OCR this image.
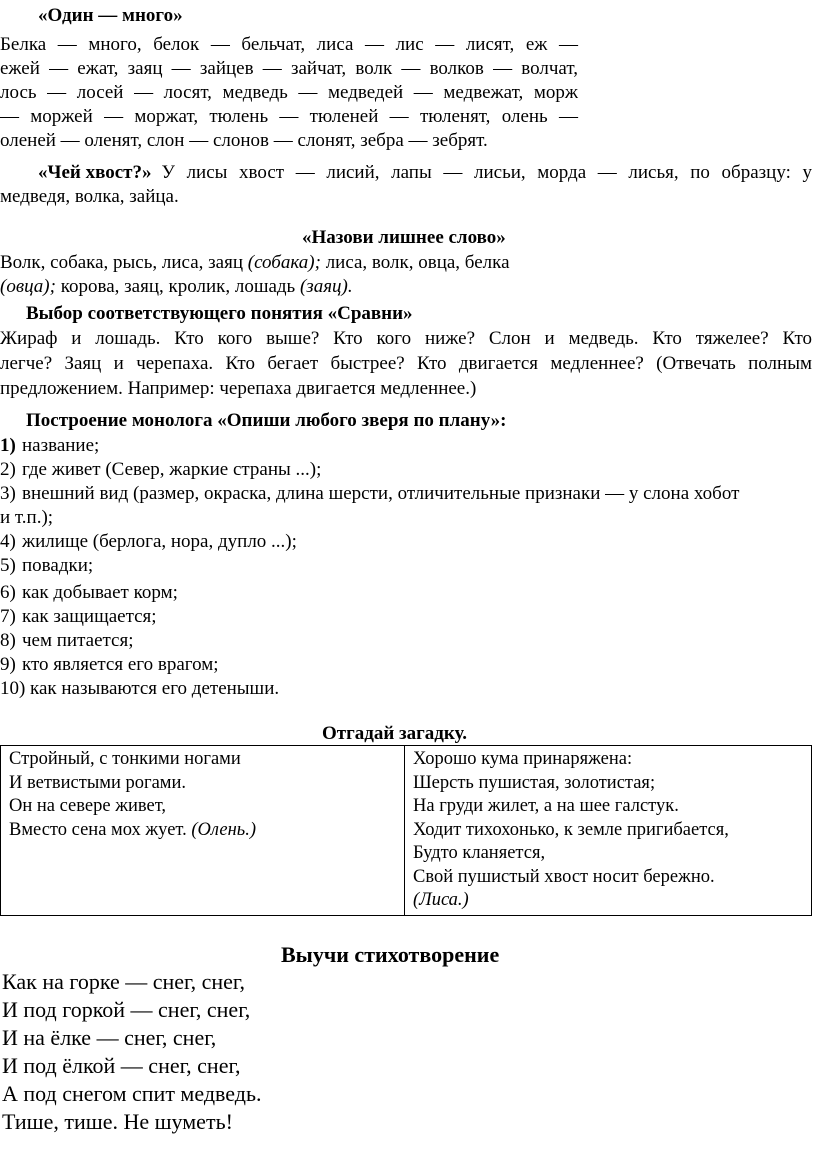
«Один — много»
Белка — много, белок — бельчат, лиса — лис — лисят, еж —
ежей — ежат, заяц — зайцев — зайчат, волк — волков — волчат,
лось — лосей — лосят, медведь — медведей — медвежат, морж
— моржей — моржат, тюлень — тюленей — тюленят, олень —
оленей — оленят, слон — слонов — слонят, зебра — зебрят.
«Чей хвост?» У лисы хвост — лисий, лапы — лисьи, морда — лисья, по образцу: у
медведя, волка, зайца.
«Назови лишнее слово»
Волк, собака, рысь, лиса, заяц (собака); лиса, волк, овца, белка
(овца); корова, заяц, кролик, лошадь (заяц).
Выбор соответствующего понятия «Сравни»
Жираф и лошадь. Кто кого выше? Кто кого ниже? Слон и медведь. Кто тяжелее? Кто
легче? Заяц и черепаха. Кто бегает быстрее? Кто двигается медленнее? (Отвечать полным
предложением. Например: черепаха двигается медленнее.)
Построение монолога «Опиши любого зверя по плану»:
1) название;
2) где живет (Север, жаркие страны ...);
3) внешний вид (размер, окраска, длина шерсти, отличительные признаки — у слона хобот
и т.п.);
4) жилище (берлога, нора, дупло ...);
5) повадки;
6) как добывает корм;
7) как защищается;
8) чем питается;
9) кто является его врагом;
10) как называются его детеныши.
Отгадай загадку.
Стройный, с тонкими ногами
И ветвистыми рогами.
Он на севере живет,
Вместо сена мох жует. (Олень.)

Хорошо кума принаряжена:
Шерсть пушистая, золотистая;
На груди жилет, а на шее галстук.
Ходит тихохонько, к земле пригибается,
Будто кланяется,
Свой пушистый хвост носит бережно.
(Лиса.)
Выучи стихотворение
Как на горке — снег, снег,
И под горкой — снег, снег,
И на ёлке — снег, снег,
И под ёлкой — снег, снег,
А под снегом спит медведь.
Тише, тише. Не шуметь!
